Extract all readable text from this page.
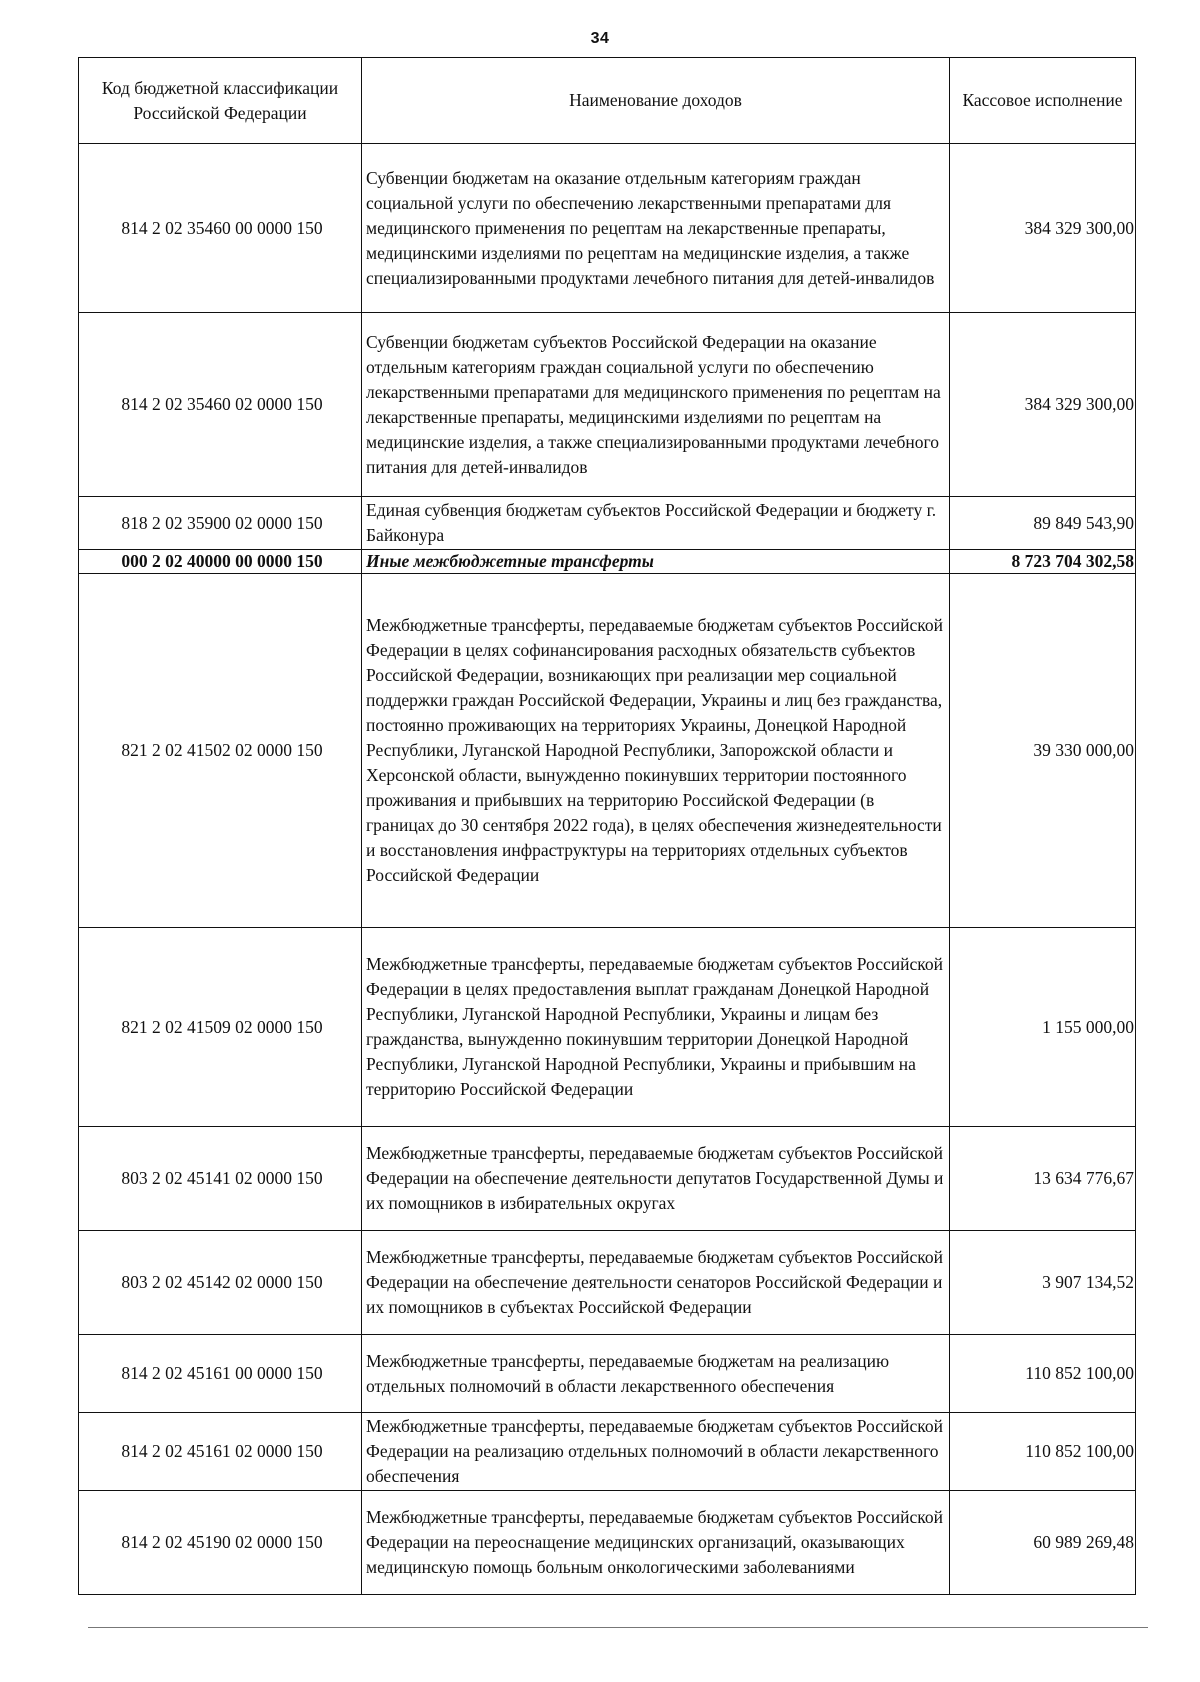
34
Код бюджетной классификации Российской Федерации	Наименование доходов	Кассовое исполнение
814 2 02 35460 00 0000 150	Субвенции бюджетам на оказание отдельным категориям граждан социальной услуги по обеспечению лекарственными препаратами для медицинского применения по рецептам на лекарственные препараты, медицинскими изделиями по рецептам на медицинские изделия, а также специализированными продуктами лечебного питания для детей-инвалидов	384 329 300,00
814 2 02 35460 02 0000 150	Субвенции бюджетам субъектов Российской Федерации на оказание отдельным категориям граждан социальной услуги по обеспечению лекарственными препаратами для медицинского применения по рецептам на лекарственные препараты, медицинскими изделиями по рецептам на медицинские изделия, а также специализированными продуктами лечебного питания для детей-инвалидов	384 329 300,00
818 2 02 35900 02 0000 150	Единая субвенция бюджетам субъектов Российской Федерации и бюджету г. Байконура	89 849 543,90
000 2 02 40000 00 0000 150	Иные межбюджетные трансферты	8 723 704 302,58
821 2 02 41502 02 0000 150	Межбюджетные трансферты, передаваемые бюджетам субъектов Российской Федерации в целях софинансирования расходных обязательств субъектов Российской Федерации, возникающих при реализации мер социальной поддержки граждан Российской Федерации, Украины и лиц без гражданства, постоянно проживающих на территориях Украины, Донецкой Народной Республики, Луганской Народной Республики, Запорожской области и Херсонской области, вынужденно покинувших территории постоянного проживания и прибывших на территорию Российской Федерации (в границах до 30 сентября 2022 года), в целях обеспечения жизнедеятельности и восстановления инфраструктуры на территориях отдельных субъектов Российской Федерации	39 330 000,00
821 2 02 41509 02 0000 150	Межбюджетные трансферты, передаваемые бюджетам субъектов Российской Федерации в целях предоставления выплат гражданам Донецкой Народной Республики, Луганской Народной Республики, Украины и лицам без гражданства, вынужденно покинувшим территории Донецкой Народной Республики, Луганской Народной Республики, Украины и прибывшим на территорию Российской Федерации	1 155 000,00
803 2 02 45141 02 0000 150	Межбюджетные трансферты, передаваемые бюджетам субъектов Российской Федерации на обеспечение деятельности депутатов Государственной Думы и их помощников в избирательных округах	13 634 776,67
803 2 02 45142 02 0000 150	Межбюджетные трансферты, передаваемые бюджетам субъектов Российской Федерации на обеспечение деятельности сенаторов Российской Федерации и их помощников в субъектах Российской Федерации	3 907 134,52
814 2 02 45161 00 0000 150	Межбюджетные трансферты, передаваемые бюджетам на реализацию отдельных полномочий в области лекарственного обеспечения	110 852 100,00
814 2 02 45161 02 0000 150	Межбюджетные трансферты, передаваемые бюджетам субъектов Российской Федерации на реализацию отдельных полномочий в области лекарственного обеспечения	110 852 100,00
814 2 02 45190 02 0000 150	Межбюджетные трансферты, передаваемые бюджетам субъектов Российской Федерации на переоснащение медицинских организаций, оказывающих медицинскую помощь больным онкологическими заболеваниями	60 989 269,48
